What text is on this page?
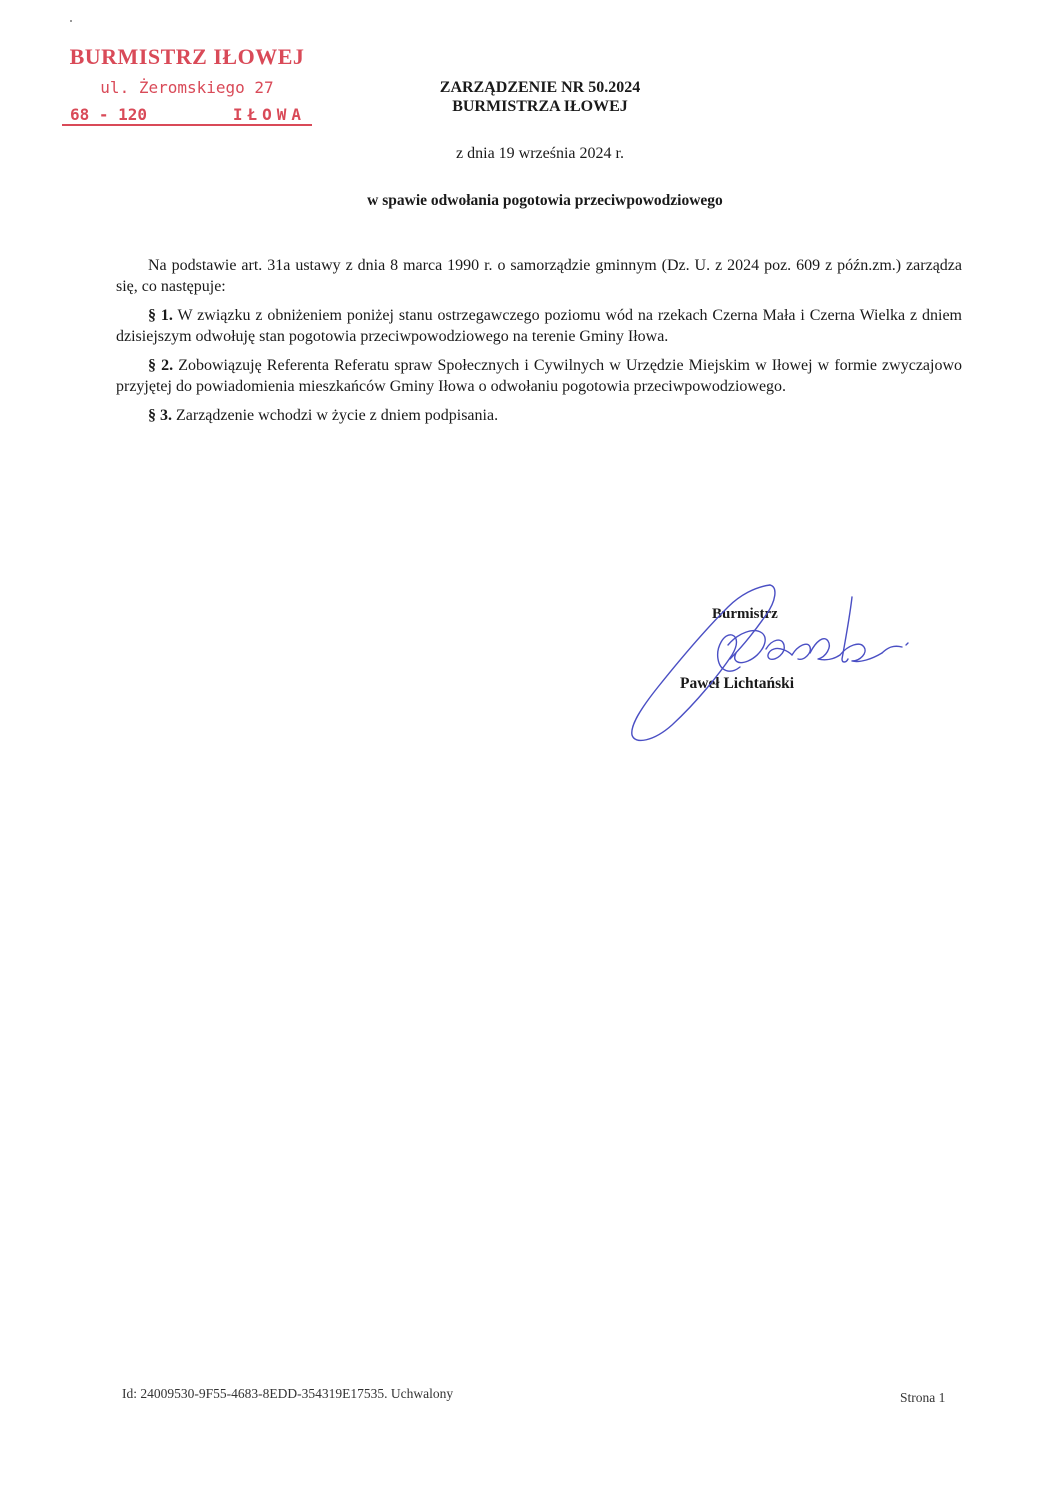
BURMISTRZ IŁOWEJ
ul. Żeromskiego 27
68 - 120	IŁOWA
ZARZĄDZENIE NR 50.2024
BURMISTRZA IŁOWEJ
z dnia 19 września 2024 r.
w spawie odwołania pogotowia przeciwpowodziowego

Na podstawie art. 31a ustawy z dnia 8 marca 1990 r. o samorządzie gminnym (Dz. U. z 2024 poz. 609 z późn.zm.) zarządza się, co następuje:

§ 1. W związku z obniżeniem poniżej stanu ostrzegawczego poziomu wód na rzekach Czerna Mała i Czerna Wielka z dniem dzisiejszym odwołuję stan pogotowia przeciwpowodziowego na terenie Gminy Iłowa.

§ 2. Zobowiązuję Referenta Referatu spraw Społecznych i Cywilnych w Urzędzie Miejskim w Iłowej w formie zwyczajowo przyjętej do powiadomienia mieszkańców Gminy Iłowa o odwołaniu pogotowia przeciwpowodziowego.

§ 3. Zarządzenie wchodzi w życie z dniem podpisania.

Burmistrz
Paweł Lichtański
Id: 24009530-9F55-4683-8EDD-354319E17535. Uchwalony	Strona 1
